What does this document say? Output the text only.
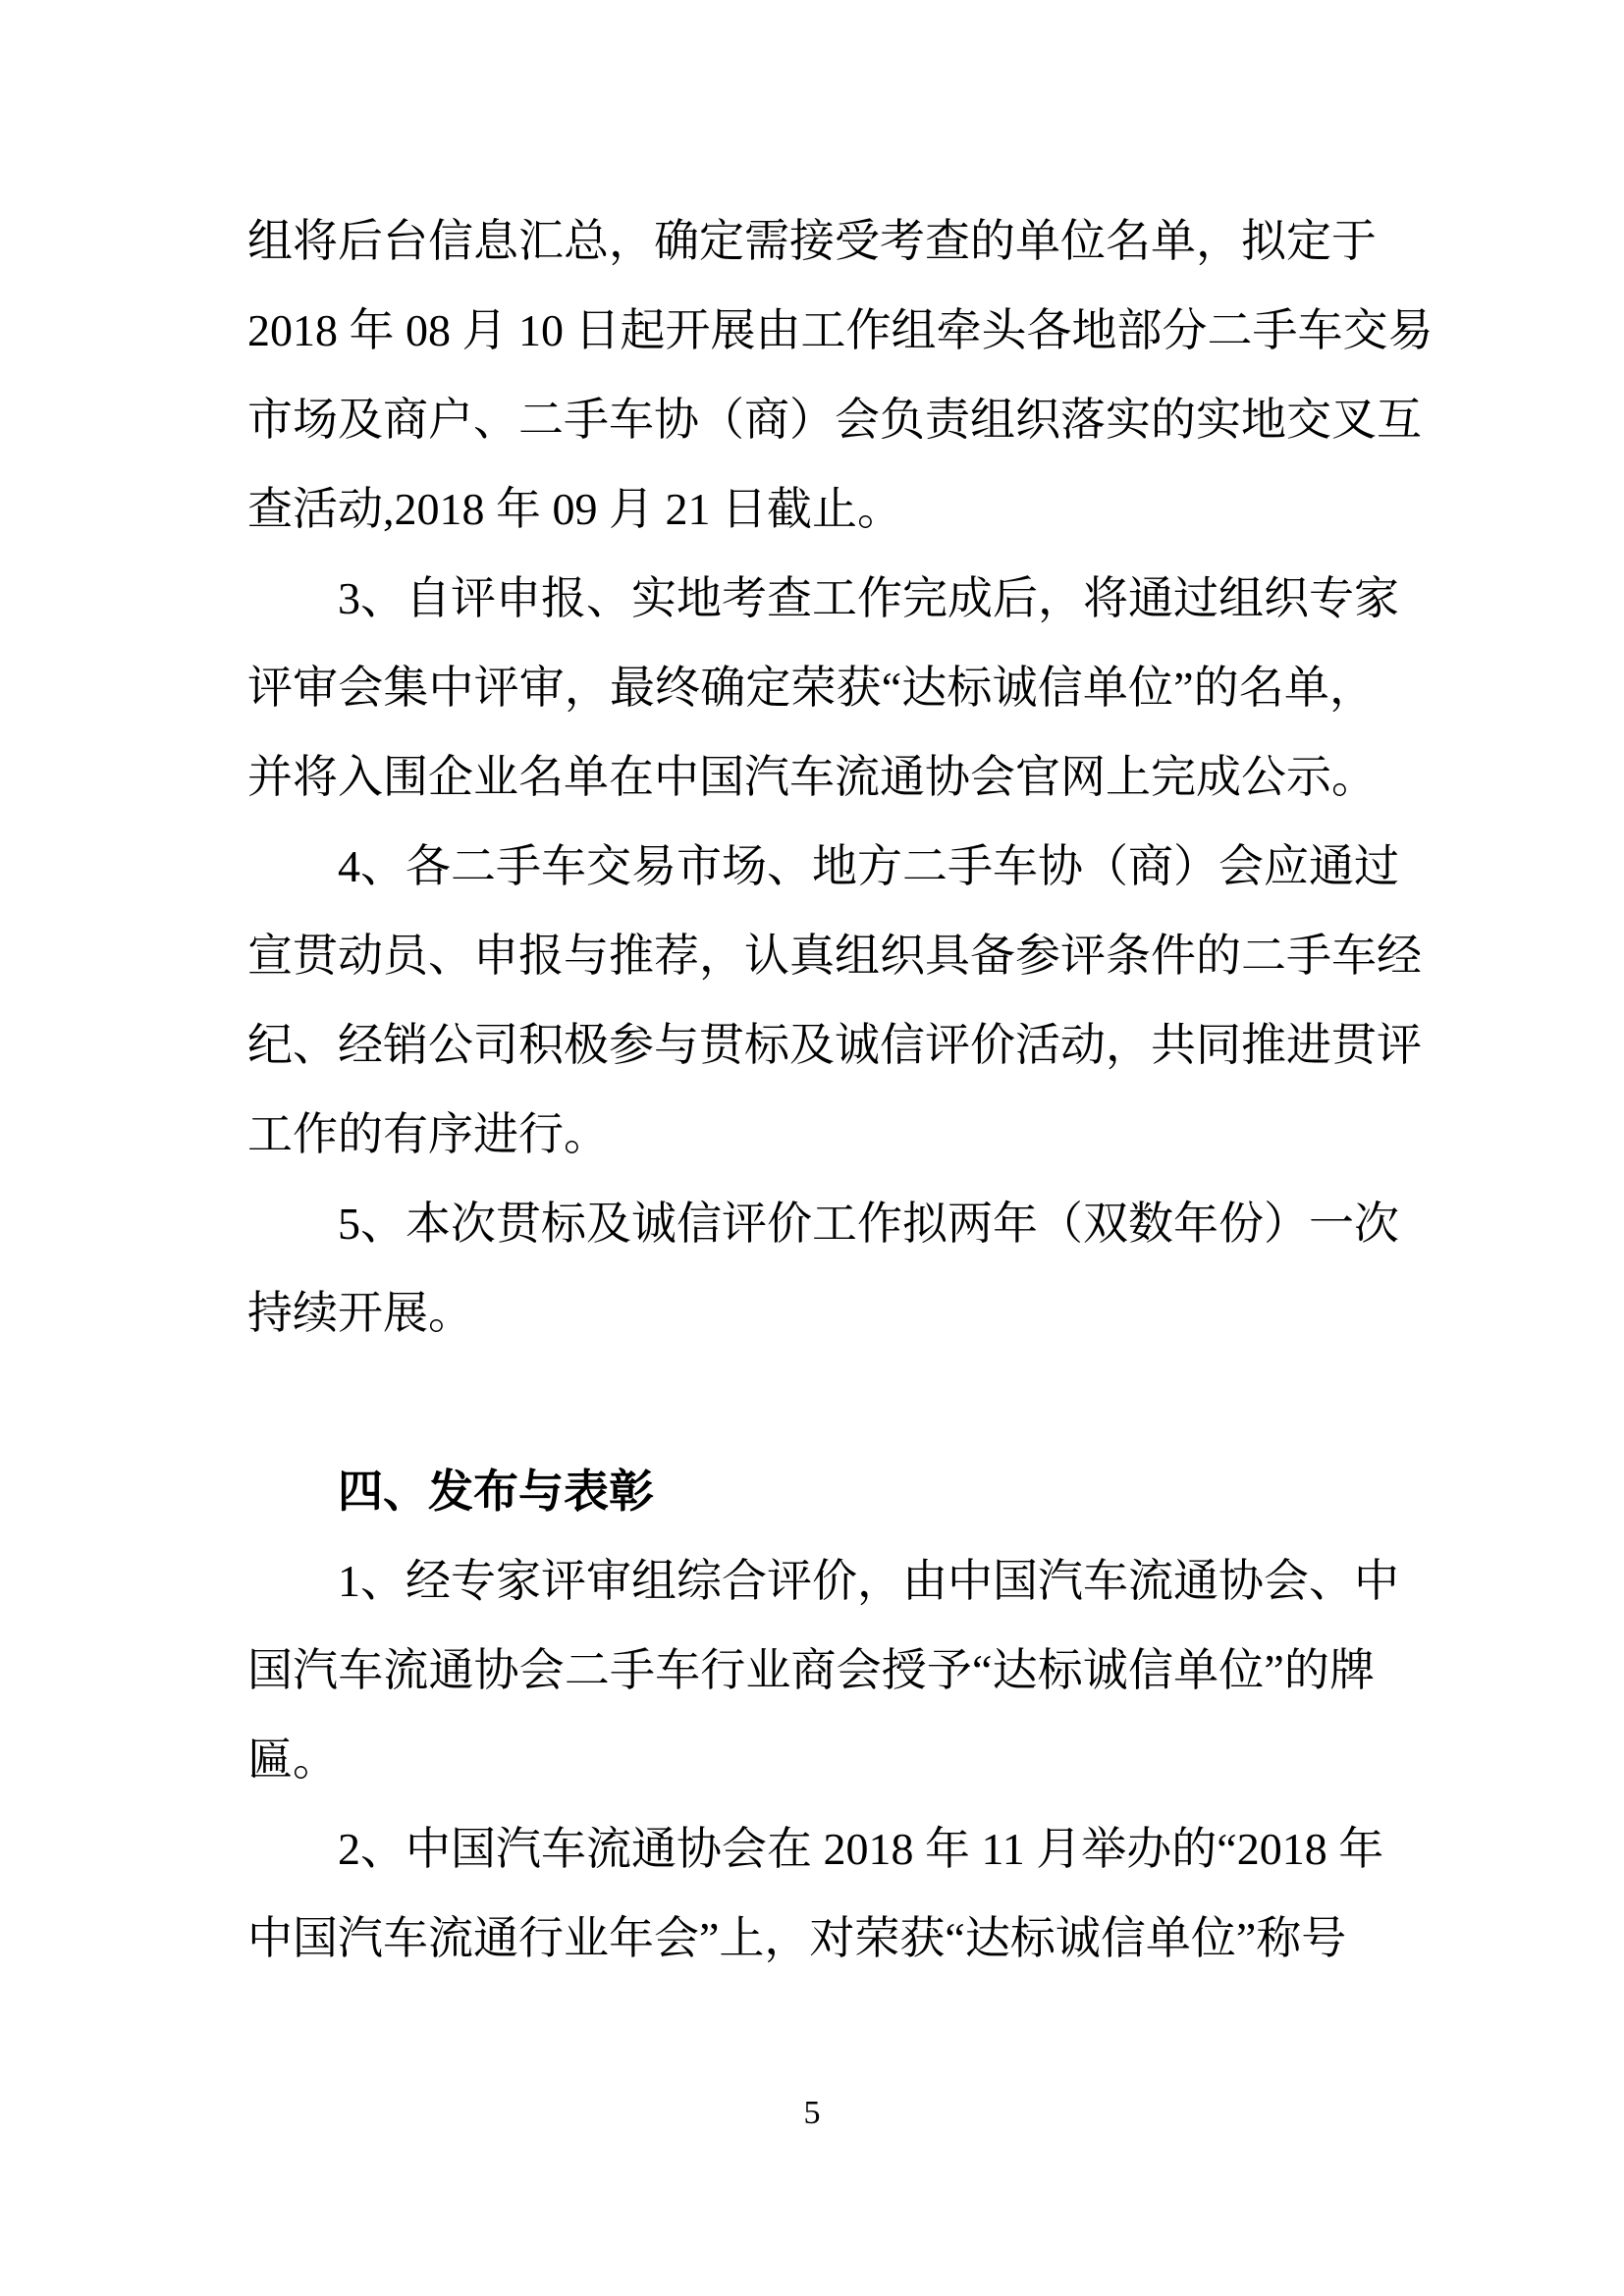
组将后台信息汇总，确定需接受考查的单位名单，拟定于
2018 年 08 月 10 日起开展由工作组牵头各地部分二手车交易
市场及商户、二手车协（商）会负责组织落实的实地交叉互
查活动,2018 年 09 月 21 日截止。
3、自评申报、实地考查工作完成后，将通过组织专家
评审会集中评审，最终确定荣获“达标诚信单位”的名单，
并将入围企业名单在中国汽车流通协会官网上完成公示。
4、各二手车交易市场、地方二手车协（商）会应通过
宣贯动员、申报与推荐，认真组织具备参评条件的二手车经
纪、经销公司积极参与贯标及诚信评价活动，共同推进贯评
工作的有序进行。
5、本次贯标及诚信评价工作拟两年（双数年份）一次
持续开展。
四、发布与表彰
1、经专家评审组综合评价，由中国汽车流通协会、中
国汽车流通协会二手车行业商会授予“达标诚信单位”的牌
匾。
2、中国汽车流通协会在 2018 年 11 月举办的“2018 年
中国汽车流通行业年会”上，对荣获“达标诚信单位”称号
5
